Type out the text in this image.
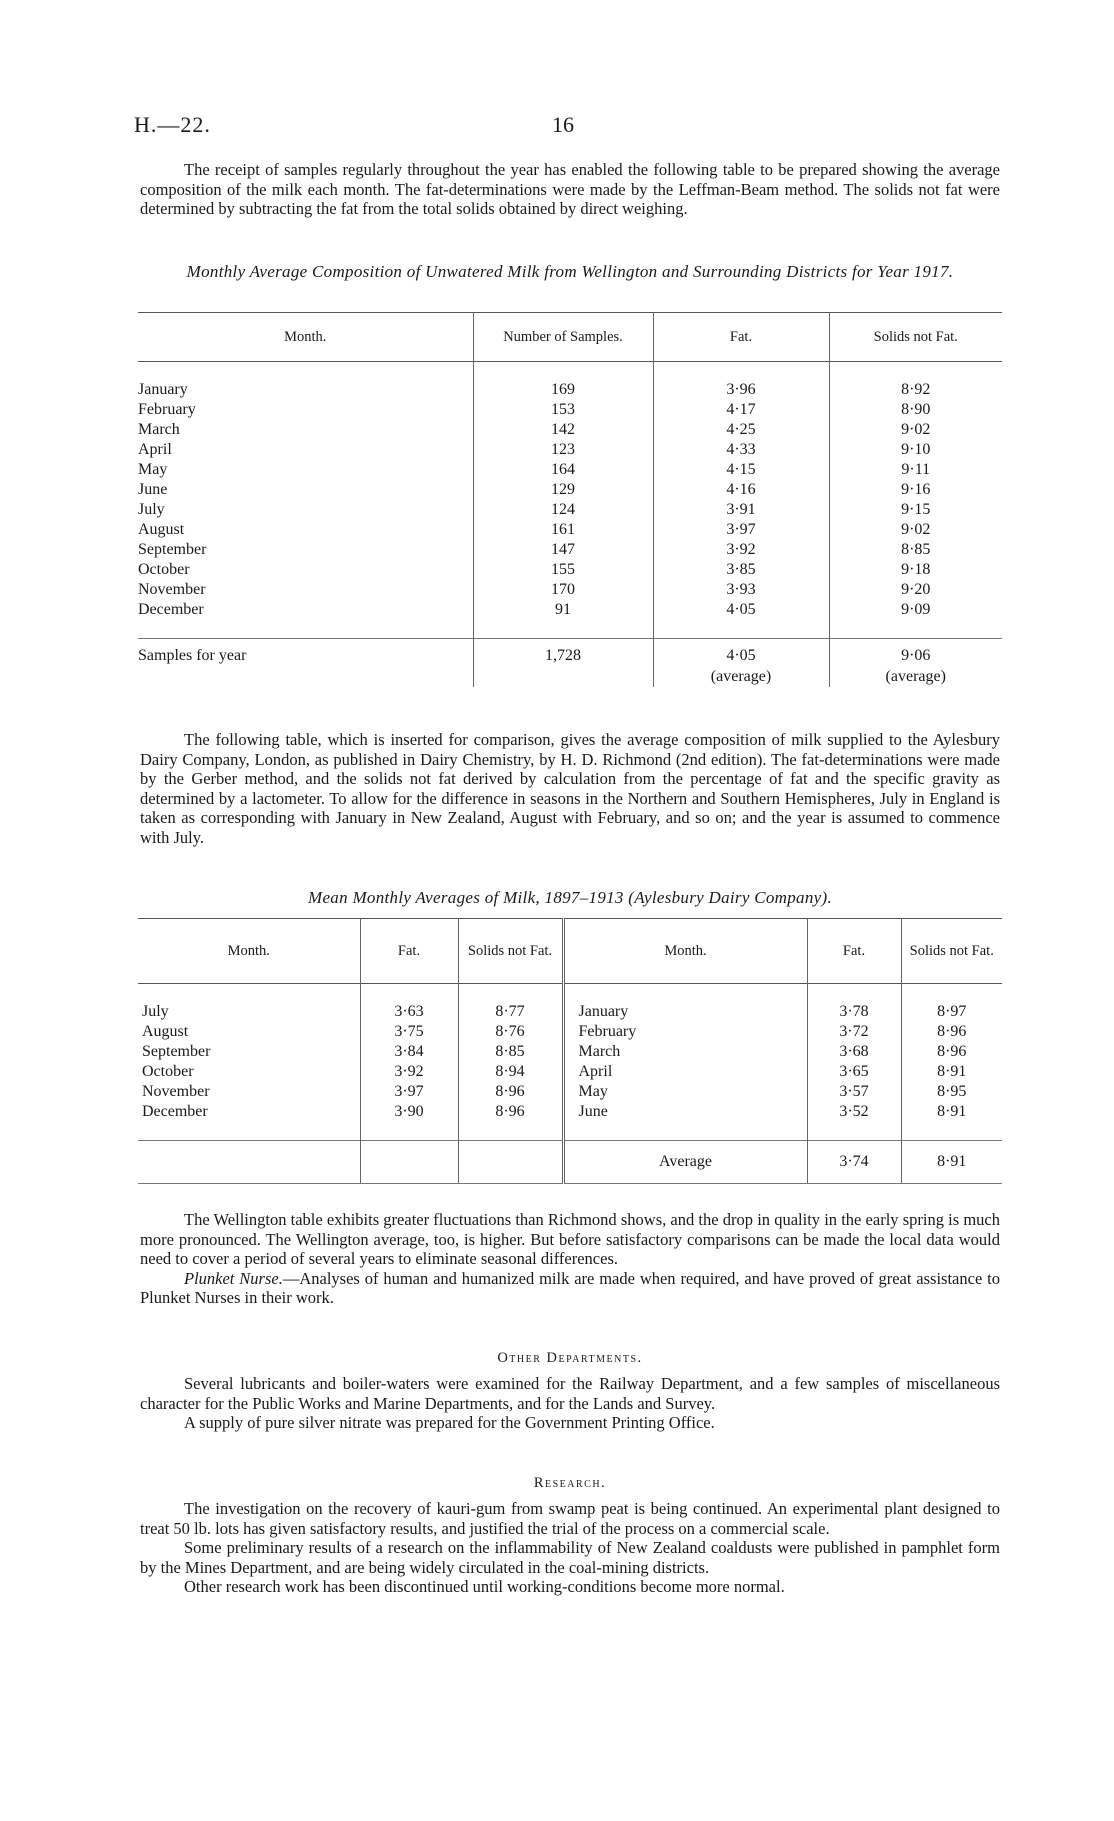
H.—22.	16

The receipt of samples regularly throughout the year has enabled the following table to be prepared showing the average composition of the milk each month. The fat-determinations were made by the Leffman-Beam method. The solids not fat were determined by subtracting the fat from the total solids obtained by direct weighing.

Monthly Average Composition of Unwatered Milk from Wellington and Surrounding Districts for Year 1917.
Month.	Number of Samples.	Fat.	Solids not Fat.

January	169	3·96	8·92
February	153	4·17	8·90
March	142	4·25	9·02
April	123	4·33	9·10
May	164	4·15	9·11
June	129	4·16	9·16
July	124	3·91	9·15
August	161	3·97	9·02
September	147	3·92	8·85
October	155	3·85	9·18
November	170	3·93	9·20
December	91	4·05	9·09

Samples for year	1,728	4·05	9·06
		(average)	(average)

The following table, which is inserted for comparison, gives the average composition of milk supplied to the Aylesbury Dairy Company, London, as published in Dairy Chemistry, by H. D. Richmond (2nd edition). The fat-determinations were made by the Gerber method, and the solids not fat derived by calculation from the percentage of fat and the specific gravity as determined by a lactometer. To allow for the difference in seasons in the Northern and Southern Hemispheres, July in England is taken as corresponding with January in New Zealand, August with February, and so on; and the year is assumed to commence with July.

Mean Monthly Averages of Milk, 1897–1913 (Aylesbury Dairy Company).
Month.	Fat.	Solids not Fat.	Month.	Fat.	Solids not Fat.

July	3·63	8·77	January	3·78	8·97
August	3·75	8·76	February	3·72	8·96
September	3·84	8·85	March	3·68	8·96
October	3·92	8·94	April	3·65	8·91
November	3·97	8·96	May	3·57	8·95
December	3·90	8·96	June	3·52	8·91

			Average	3·74	8·91

The Wellington table exhibits greater fluctuations than Richmond shows, and the drop in quality in the early spring is much more pronounced. The Wellington average, too, is higher. But before satisfactory comparisons can be made the local data would need to cover a period of several years to eliminate seasonal differences.

Plunket Nurse.—Analyses of human and humanized milk are made when required, and have proved of great assistance to Plunket Nurses in their work.

Other Departments.

Several lubricants and boiler-waters were examined for the Railway Department, and a few samples of miscellaneous character for the Public Works and Marine Departments, and for the Lands and Survey.

A supply of pure silver nitrate was prepared for the Government Printing Office.

Research.

The investigation on the recovery of kauri-gum from swamp peat is being continued. An experimental plant designed to treat 50 lb. lots has given satisfactory results, and justified the trial of the process on a commercial scale.

Some preliminary results of a research on the inflammability of New Zealand coaldusts were published in pamphlet form by the Mines Department, and are being widely circulated in the coal-mining districts.

Other research work has been discontinued until working-conditions become more normal.
